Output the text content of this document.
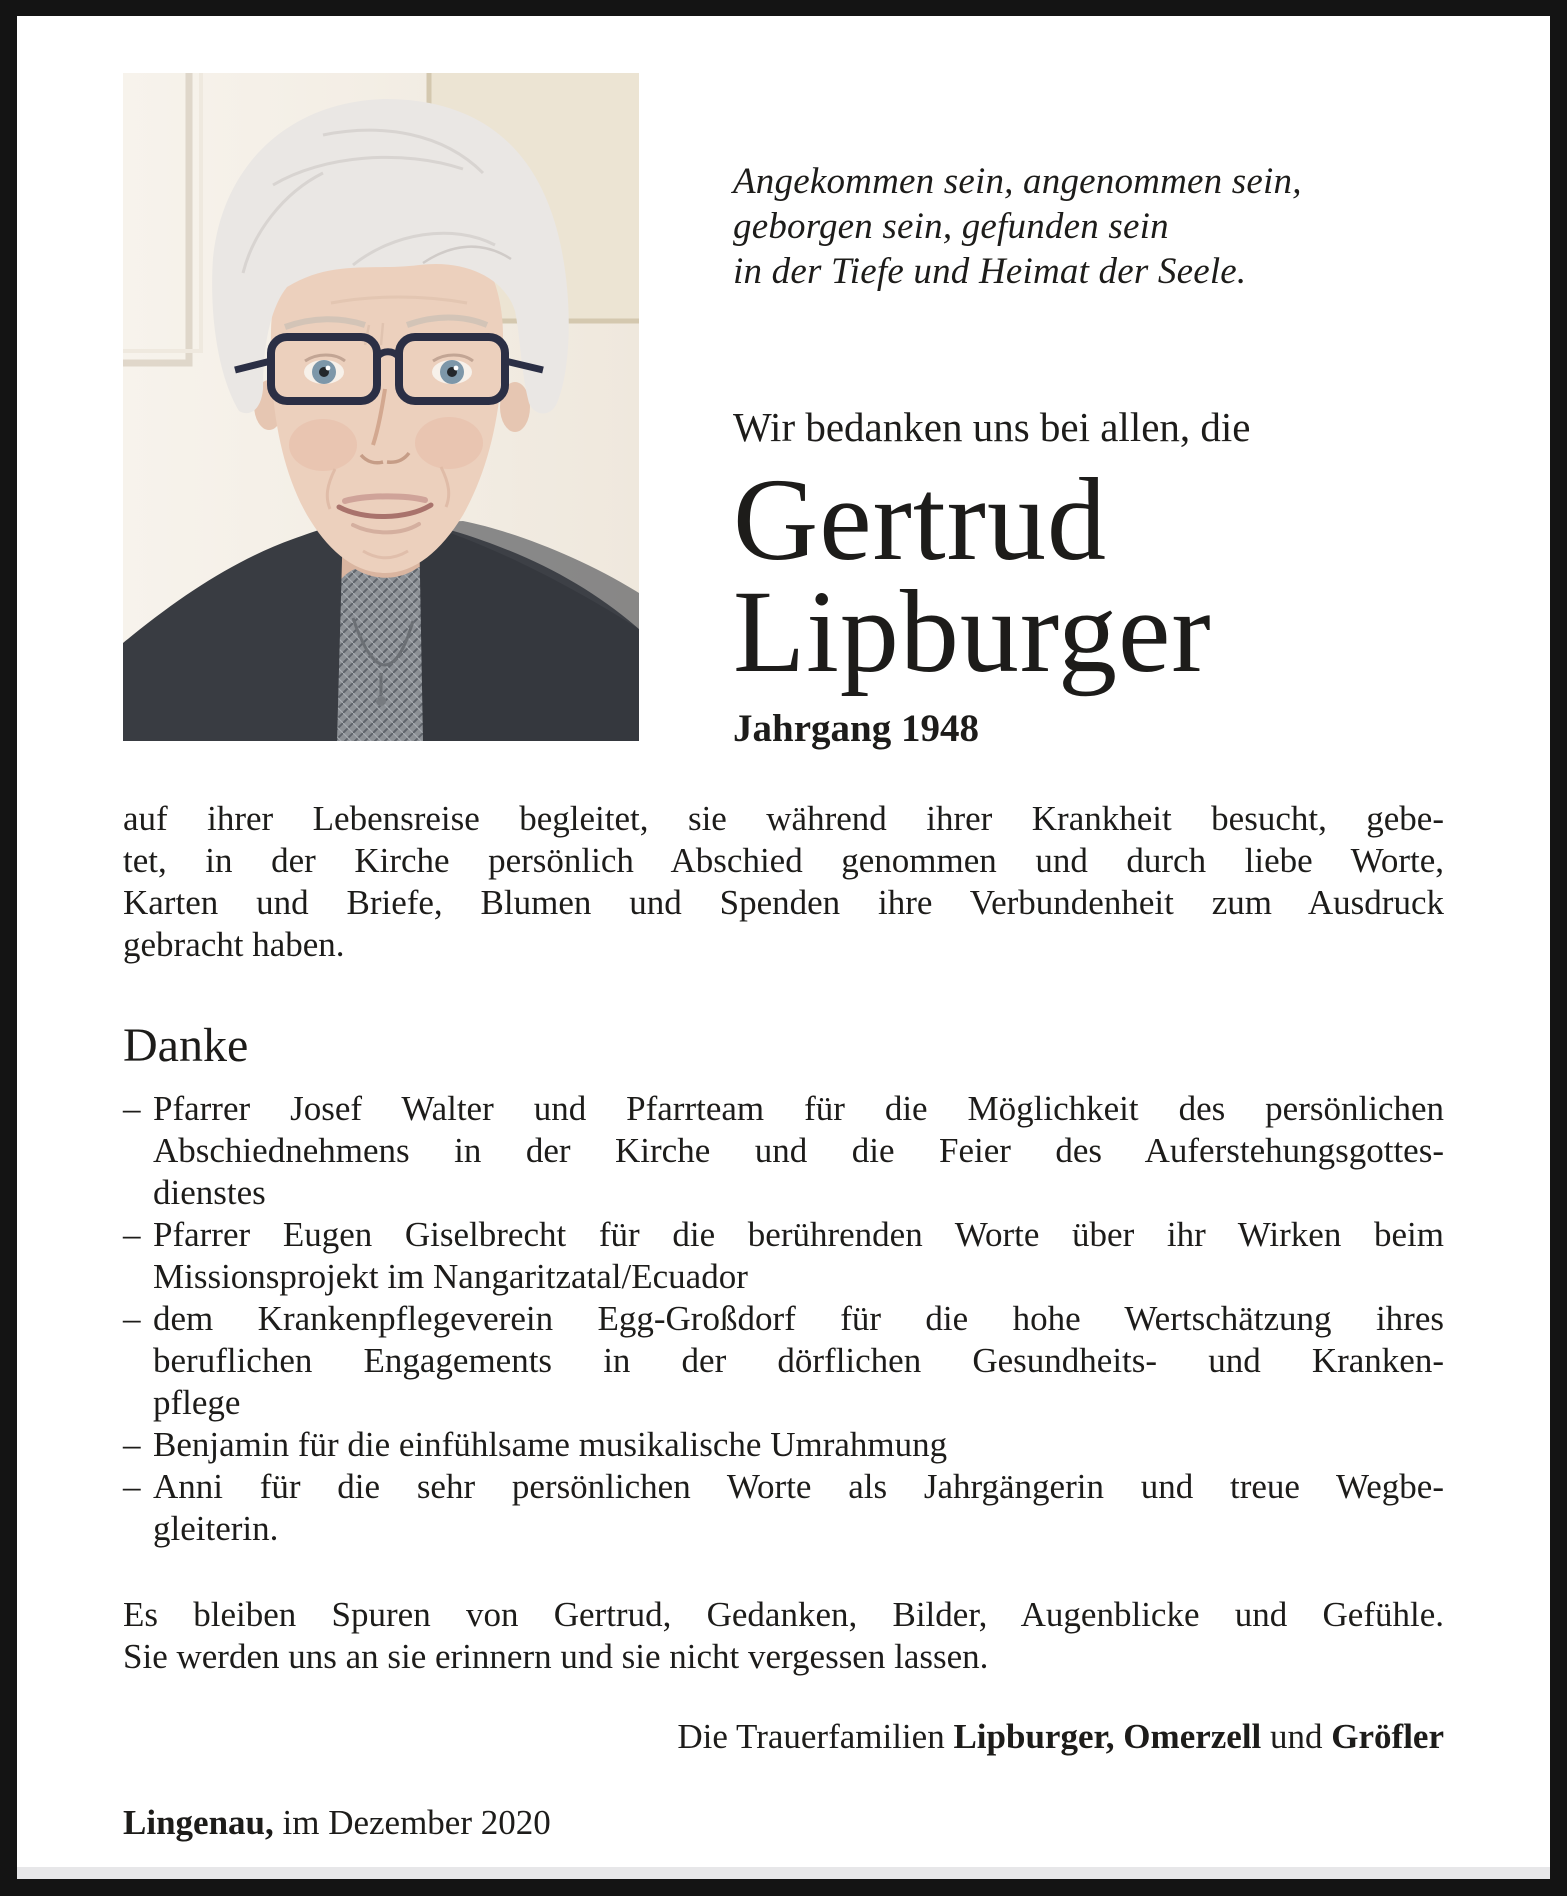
Angekommen sein, angenommen sein,
geborgen sein, gefunden sein
in der Tiefe und Heimat der Seele.
Wir bedanken uns bei allen, die
Gertrud
Lipburger
Jahrgang 1948
auf ihrer Lebensreise begleitet, sie während ihrer Krankheit besucht, gebe-
tet, in der Kirche persönlich Abschied genommen und durch liebe Worte,
Karten und Briefe, Blumen und Spenden ihre Verbundenheit zum Ausdruck
gebracht haben.
Danke
– Pfarrer Josef Walter und Pfarrteam für die Möglichkeit des persönlichen
Abschiednehmens in der Kirche und die Feier des Auferstehungsgottes-
dienstes
– Pfarrer Eugen Giselbrecht für die berührenden Worte über ihr Wirken beim
Missionsprojekt im Nangaritzatal/Ecuador
– dem Krankenpflegeverein Egg-Großdorf für die hohe Wertschätzung ihres
beruflichen Engagements in der dörflichen Gesundheits- und Kranken-
pflege
– Benjamin für die einfühlsame musikalische Umrahmung
– Anni für die sehr persönlichen Worte als Jahrgängerin und treue Wegbe-
gleiterin.
Es bleiben Spuren von Gertrud, Gedanken, Bilder, Augenblicke und Gefühle.
Sie werden uns an sie erinnern und sie nicht vergessen lassen.
Die Trauerfamilien Lipburger, Omerzell und Gröfler
Lingenau, im Dezember 2020
